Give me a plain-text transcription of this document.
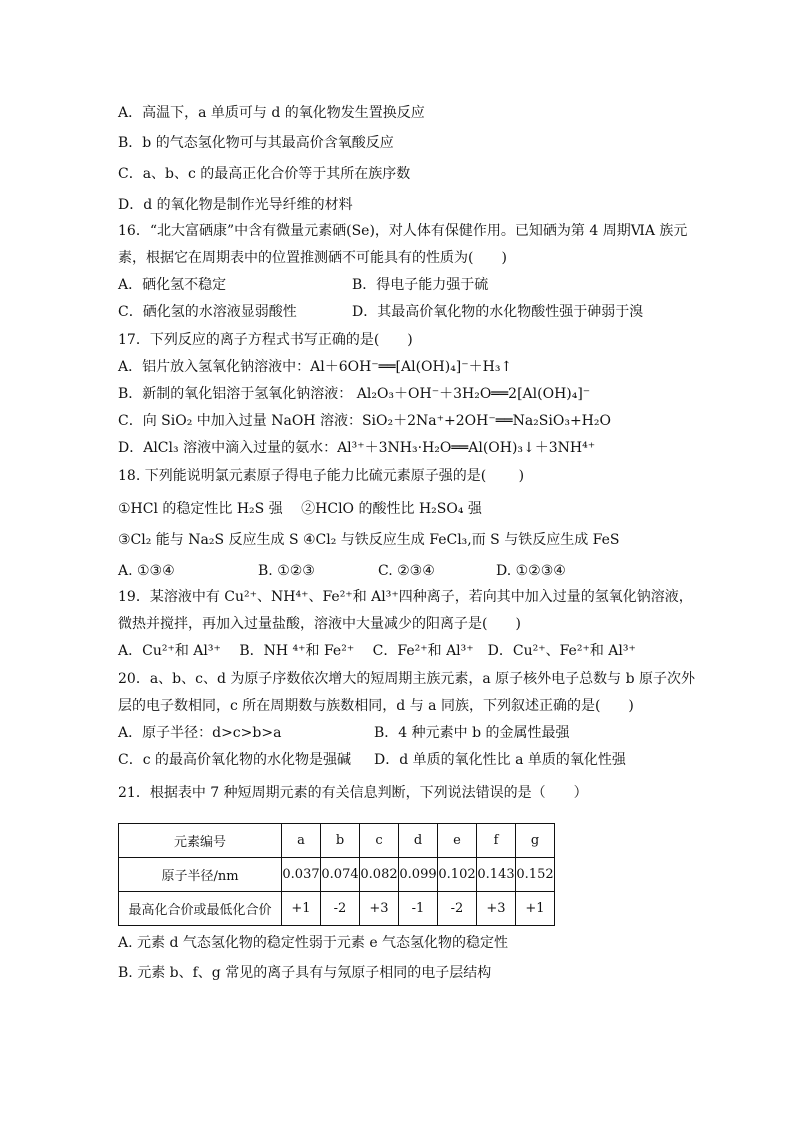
A．高温下，a 单质可与 d 的氧化物发生置换反应
B．b 的气态氢化物可与其最高价含氧酸反应
C．a、b、c 的最高正化合价等于其所在族序数
D．d 的氧化物是制作光导纤维的材料
16．“北大富硒康”中含有微量元素硒(Se)，对人体有保健作用。已知硒为第 4 周期ⅥA 族元
素，根据它在周期表中的位置推测硒不可能具有的性质为(　　)
A．硒化氢不稳定	B．得电子能力强于硫
C．硒化氢的水溶液显弱酸性	D．其最高价氧化物的水化物酸性强于砷弱于溴
17．下列反应的离子方程式书写正确的是(　　)
A．铝片放入氢氧化钠溶液中：Al＋6OH⁻══[Al(OH)₄]⁻＋H₃↑
B．新制的氧化铝溶于氢氧化钠溶液： Al₂O₃＋OH⁻＋3H₂O══2[Al(OH)₄]⁻
C．向 SiO₂ 中加入过量 NaOH 溶液：SiO₂＋2Na⁺+2OH⁻══Na₂SiO₃+H₂O
D．AlCl₃ 溶液中滴入过量的氨水：Al³⁺＋3NH₃·H₂O══Al(OH)₃↓＋3NH⁴⁺
18. 下列能说明氯元素原子得电子能力比硫元素原子强的是(　　 )
①HCl 的稳定性比 H₂S 强　 ②HClO 的酸性比 H₂SO₄ 强
③Cl₂ 能与 Na₂S 反应生成 S ④Cl₂ 与铁反应生成 FeCl₃,而 S 与铁反应生成 FeS
A. ①③④	B. ①②③	C. ②③④	D. ①②③④
19．某溶液中有 Cu²⁺、NH⁴⁺、Fe²⁺和 Al³⁺四种离子，若向其中加入过量的氢氧化钠溶液，
微热并搅拌，再加入过量盐酸，溶液中大量减少的阳离子是(　　)
A．Cu²⁺和 Al³⁺　 B．NH ⁴⁺和 Fe²⁺　 C．Fe²⁺和 Al³⁺　D．Cu²⁺、Fe²⁺和 Al³⁺
20．a、b、c、d 为原子序数依次增大的短周期主族元素，a 原子核外电子总数与 b 原子次外
层的电子数相同，c 所在周期数与族数相同，d 与 a 同族，下列叙述正确的是(　　)
A．原子半径：d>c>b>a	B．4 种元素中 b 的金属性最强
C．c 的最高价氧化物的水化物是强碱 D．d 单质的氧化性比 a 单质的氧化性强
21．根据表中 7 种短周期元素的有关信息判断，下列说法错误的是（　　）
元素编号	a	b	c	d	e	f	g
原子半径/nm	0.037	0.074	0.082	0.099	0.102	0.143	0.152
最高化合价或最低化合价	+1	-2	+3	-1	-2	+3	+1
A. 元素 d 气态氢化物的稳定性弱于元素 e 气态氢化物的稳定性
B. 元素 b、f、g 常见的离子具有与氖原子相同的电子层结构
